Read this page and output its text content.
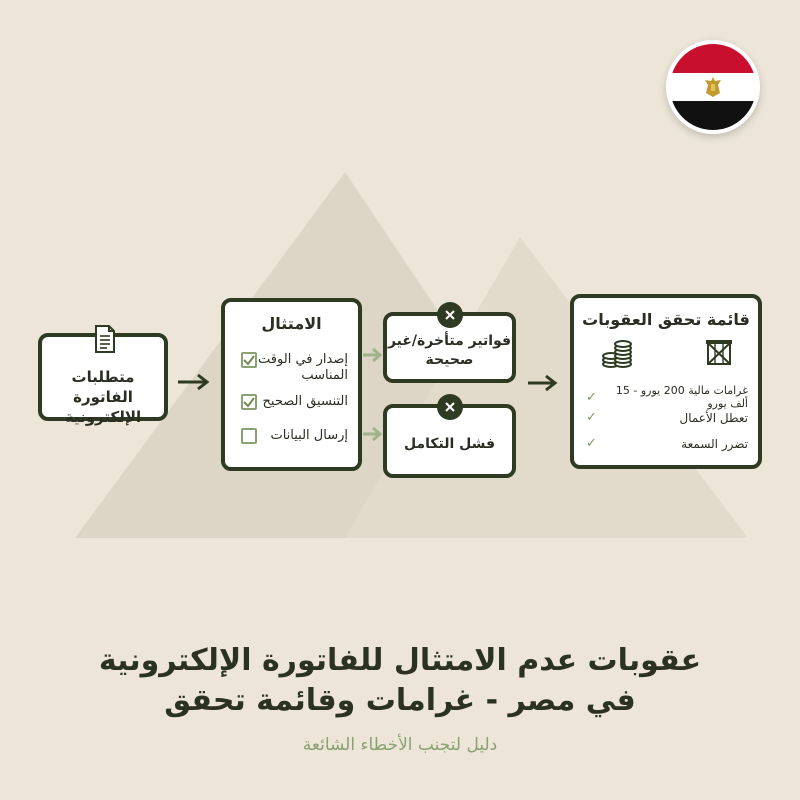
متطلبات الفاتورة الإلكترونية
الامتثال
إصدار في الوقت المناسب
التنسيق الصحيح
إرسال البيانات
فواتير متأخرة/غير صحيحة
فشل التكامل
قائمة تحقق العقوبات
✓	غرامات مالية 200 يورو - 15 ألف يورو
✓	تعطل الأعمال
✓	تضرر السمعة
عقوبات عدم الامتثال للفاتورة الإلكترونية
في مصر - غرامات وقائمة تحقق
دليل لتجنب الأخطاء الشائعة
